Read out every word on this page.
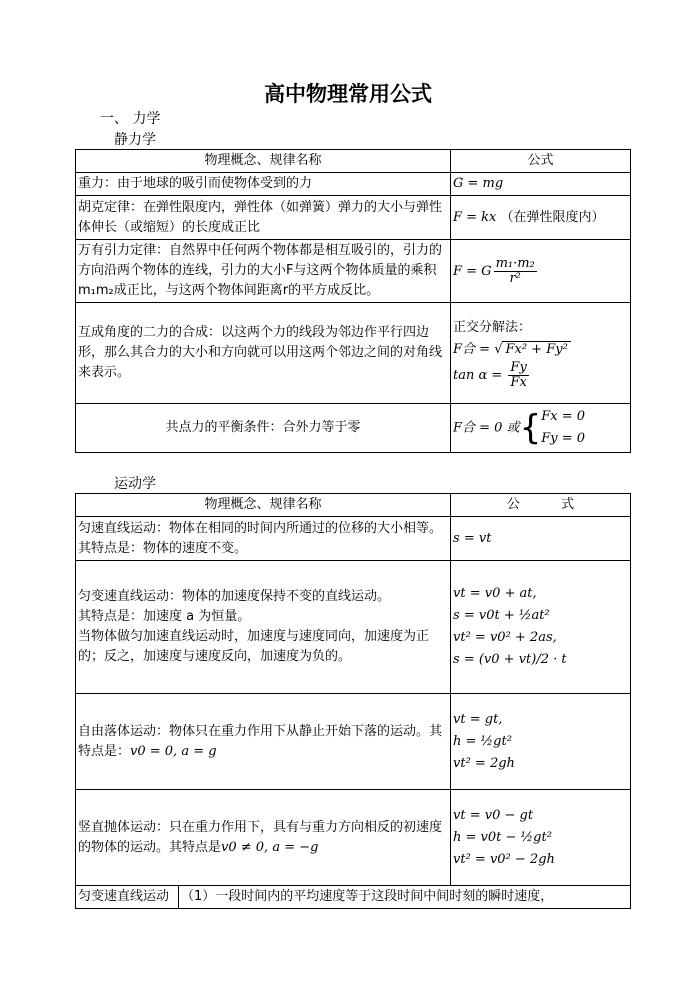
高中物理常用公式
一、 力学
静力学
物理概念、规律名称	公式
重力：由于地球的吸引而使物体受到的力	G = mg
胡克定律：在弹性限度内，弹性体（如弹簧）弹力的大小与弹性体伸长（或缩短）的长度成正比	F = kx （在弹性限度内）
万有引力定律：自然界中任何两个物体都是相互吸引的，引力的方向沿两个物体的连线，引力的大小F与这两个物体质量的乘积m₁m₂成正比，与这两个物体间距离r的平方成反比。	F = G $\frac{\text{m₁·m₂}}{\text{r²}}$

互成角度的二力的合成：以这两个力的线段为邻边作平行四边形，那么其合力的大小和方向就可以用这两个邻边之间的对角线来表示。	正交分解法：
F合 = √ Fx² + Fy²
$\tan \alpha = \frac{Fy}{Fx}$

共点力的平衡条件：合外力等于零	F合 = 0 或{ Fx = 0
Fy = 0
运动学
物理概念、规律名称		公          式
匀速直线运动：物体在相同的时间内所通过的位移的大小相等。其特点是：物体的速度不变。		s = vt
匀变速直线运动：物体的加速度保持不变的直线运动。
其特点是：加速度 a 为恒量。
当物体做匀加速直线运动时，加速度与速度同向，加速度为正的；反之，加速度与速度反向，加速度为负的。		vt = v0 + at,
s = v0t + ½at²
vt² = v0² + 2as,
s = (v0 + vt)/2 · t

自由落体运动：物体只在重力作用下从静止开始下落的运动。其特点是：v0 = 0, a = g		vt = gt,
h = ½gt²
vt² = 2gh

竖直抛体运动：只在重力作用下，具有与重力方向相反的初速度的物体的运动。其特点是v0 ≠ 0, a = −g		vt = v0 − gt
h = v0t − ½gt²
vt² = v0² − 2gh

匀变速直线运动	（1）一段时间内的平均速度等于这段时间中间时刻的瞬时速度，	
